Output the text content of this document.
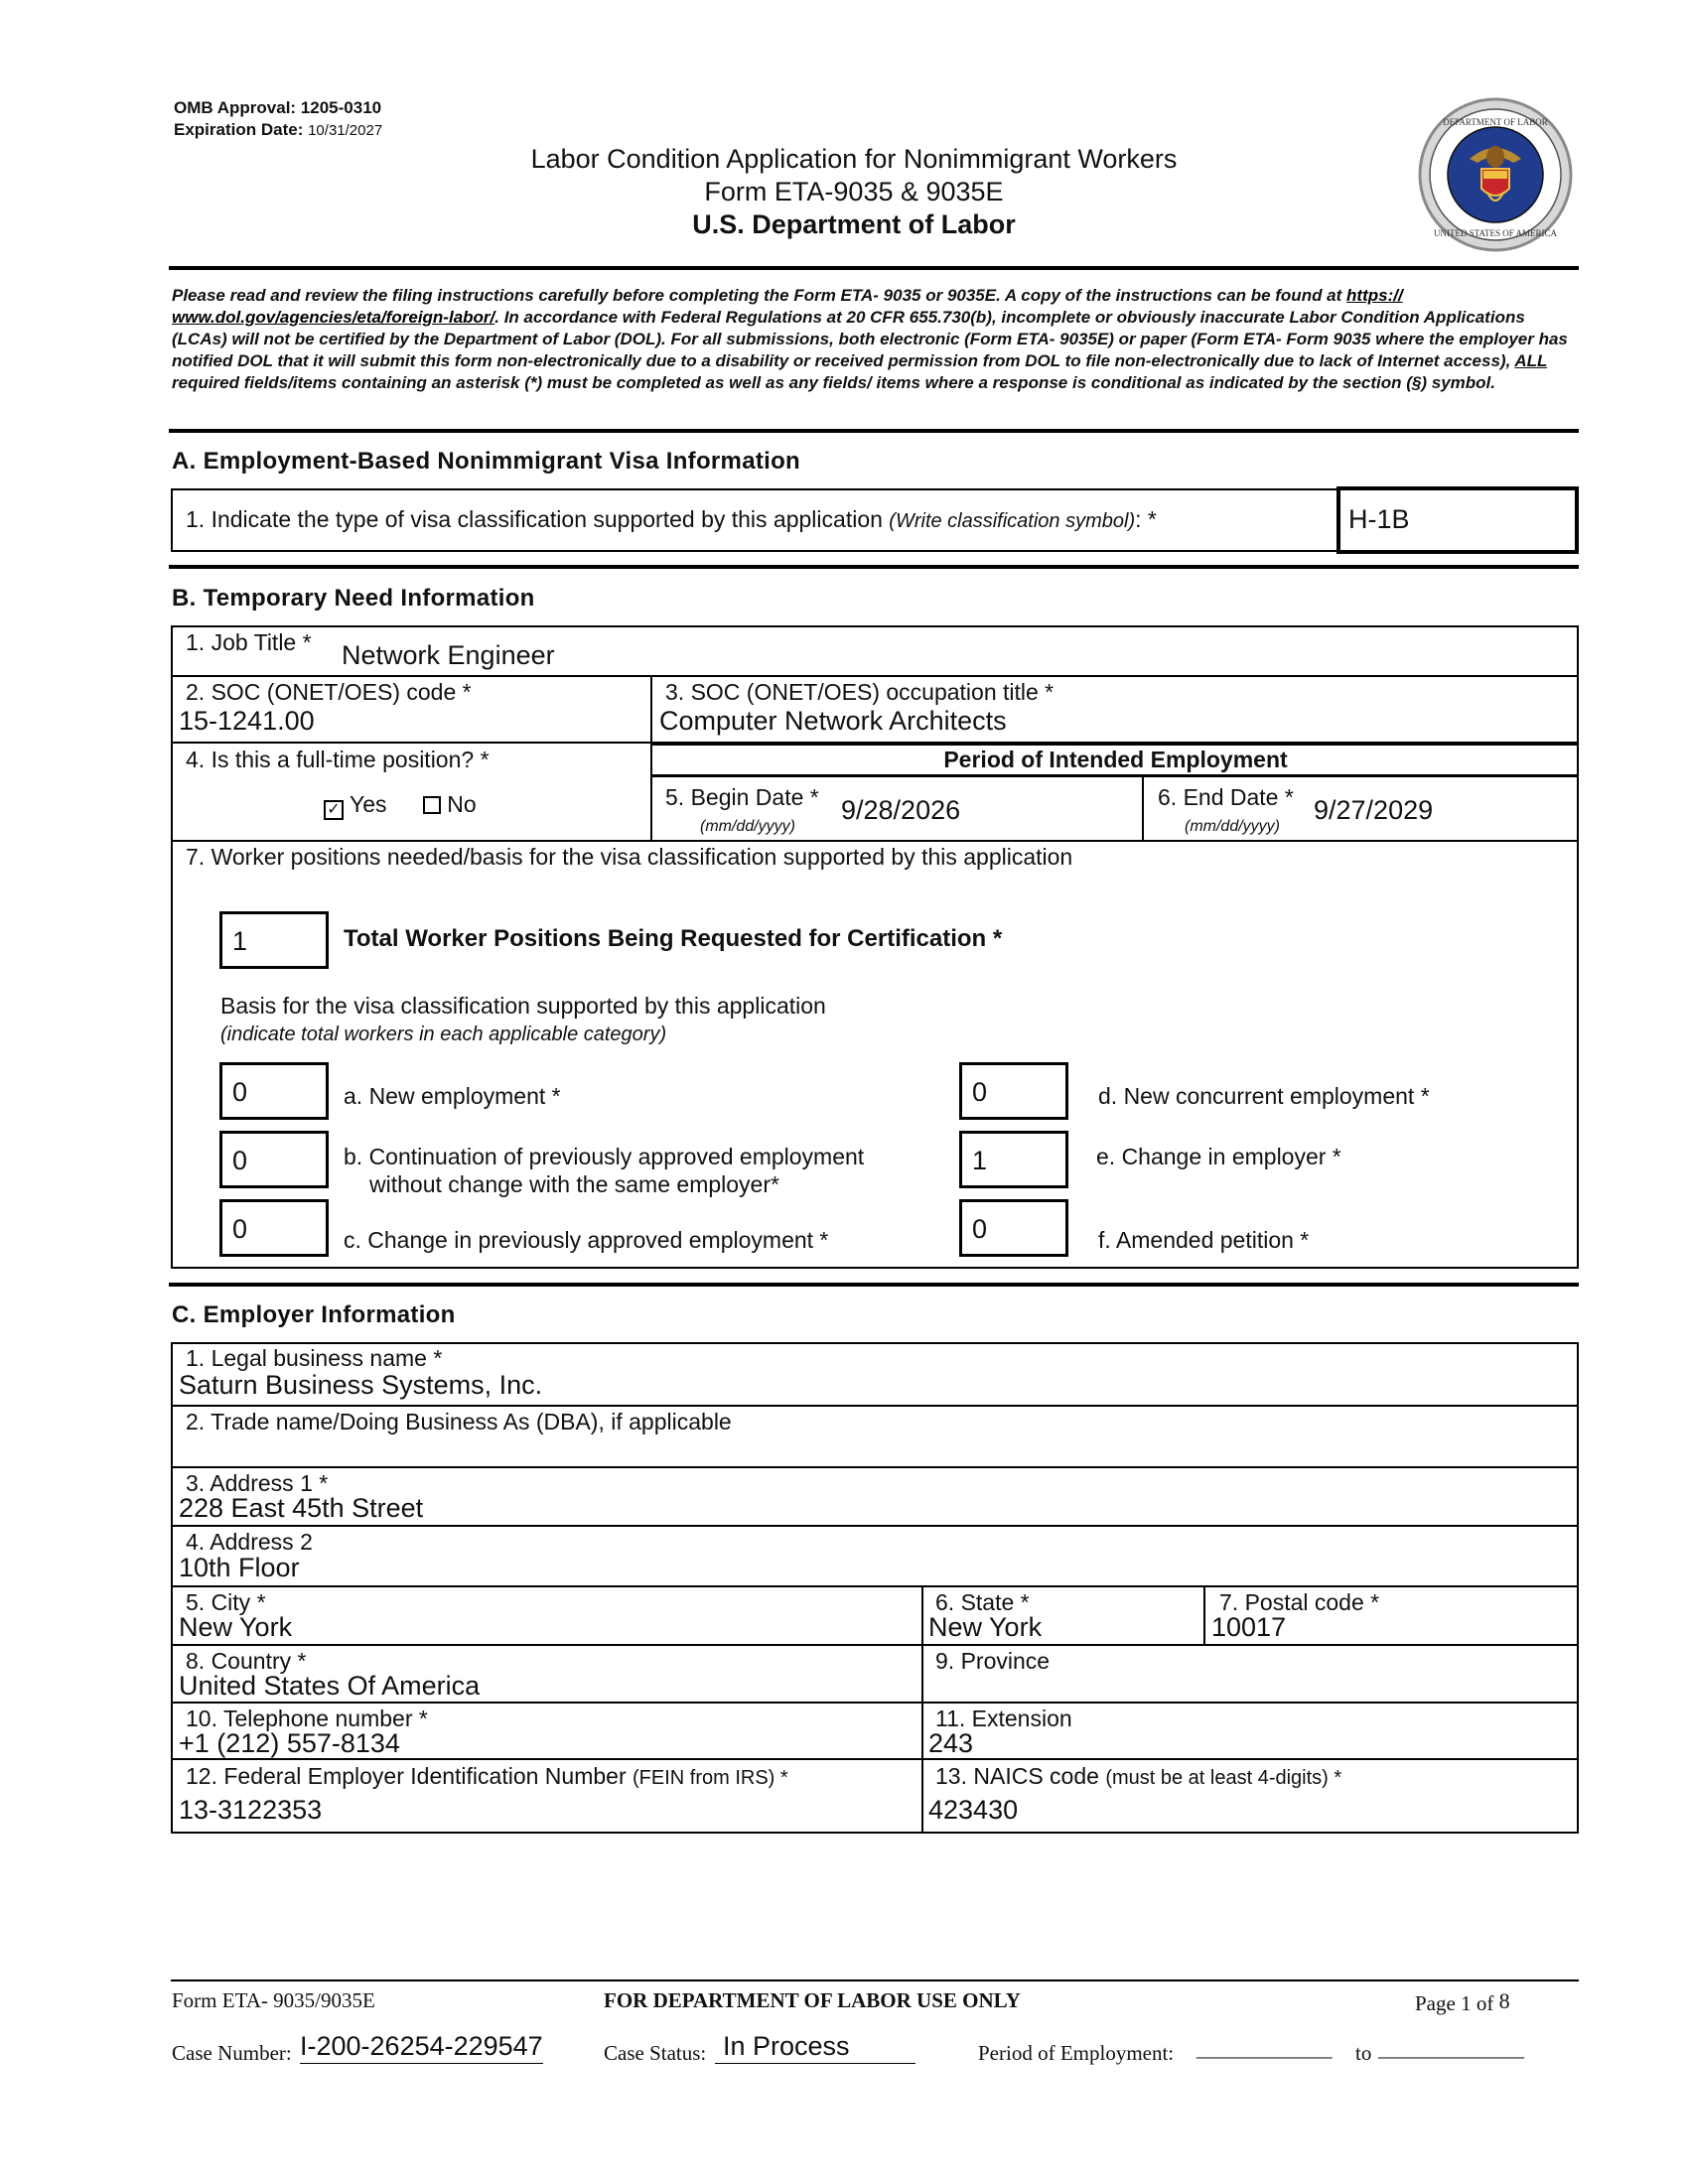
OMB Approval: 1205-0310
Expiration Date: 10/31/2027
Labor Condition Application for Nonimmigrant Workers
Form ETA-9035 & 9035E
U.S. Department of Labor
DEPARTMENT OF LABOR
UNITED STATES OF AMERICA
Please read and review the filing instructions carefully before completing the Form ETA- 9035 or 9035E. A copy of the instructions can be found at https:// www.dol.gov/agencies/eta/foreign-labor/. In accordance with Federal Regulations at 20 CFR 655.730(b), incomplete or obviously inaccurate Labor Condition Applications (LCAs) will not be certified by the Department of Labor (DOL). For all submissions, both electronic (Form ETA- 9035E) or paper (Form ETA- Form 9035 where the employer has notified DOL that it will submit this form non-electronically due to a disability or received permission from DOL to file non-electronically due to lack of Internet access), ALL required fields/items containing an asterisk (*) must be completed as well as any fields/ items where a response is conditional as indicated by the section (§) symbol.
A. Employment-Based Nonimmigrant Visa Information
1. Indicate the type of visa classification supported by this application (Write classification symbol): *	H-1B
B. Temporary Need Information
1. Job Title * Network Engineer
2. SOC (ONET/OES) code *
15-1241.00
3. SOC (ONET/OES) occupation title *
Computer Network Architects
4. Is this a full-time position? *
✓ Yes	No
Period of Intended Employment
5. Begin Date * 9/28/2026
(mm/dd/yyyy)
6. End Date * 9/27/2029
(mm/dd/yyyy)
7. Worker positions needed/basis for the visa classification supported by this application
1	Total Worker Positions Being Requested for Certification *
Basis for the visa classification supported by this application
(indicate total workers in each applicable category)
0	a. New employment *
0	b. Continuation of previously approved employment
without change with the same employer*
0	c. Change in previously approved employment *
0	d. New concurrent employment *
1	e. Change in employer *
0	f. Amended petition *
C. Employer Information
1. Legal business name *
Saturn Business Systems, Inc.
2. Trade name/Doing Business As (DBA), if applicable
3. Address 1 *
228 East 45th Street
4. Address 2
10th Floor
5. City *
New York
6. State *
New York
7. Postal code *
10017
8. Country *
United States Of America
9. Province
10. Telephone number *
+1 (212) 557-8134
11. Extension
243
12. Federal Employer Identification Number (FEIN from IRS) *
13-3122353
13. NAICS code (must be at least 4-digits) *
423430
Form ETA- 9035/9035E	FOR DEPARTMENT OF LABOR USE ONLY	Page 1 of 8
Case Number: I-200-26254-229547	Case Status: In Process	Period of Employment: _____________ to ______________
